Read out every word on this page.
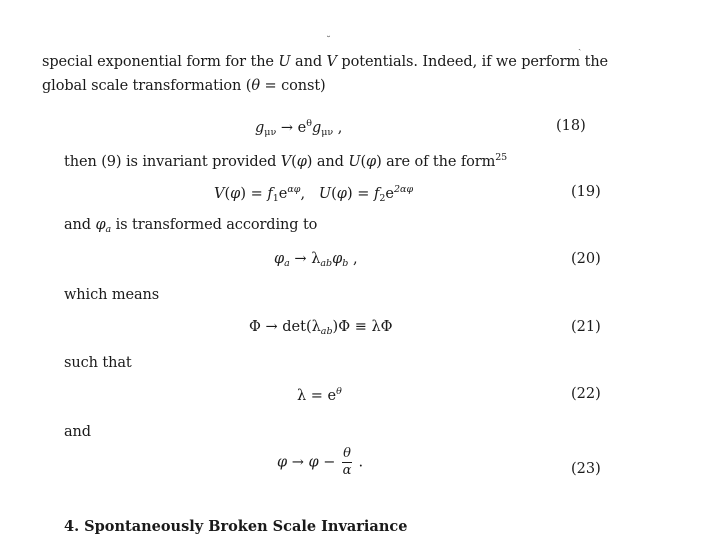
˘	ˏ
special exponential form for the U and V potentials. Indeed, if we perform the
global scale transformation (θ = const)
$g_{\mu\nu} \to e^\theta g_{\mu\nu}$ ,	(18)
then (9) is invariant provided V(φ) and U(φ) are of the form$^{25}$
$V(\varphi) = f_1e^{\alpha\varphi}$,   $U(\varphi) = f_2e^{2\alpha\varphi}$	(19)
and $\varphi_a$ is transformed according to
$\varphi_a \to \lambda_{ab}\varphi_b$ ,	(20)
which means
$\Phi \to \det(\lambda_{ab})\Phi \equiv \lambda\Phi$	(21)
such that
$\lambda = e^\theta$	(22)
and
$\varphi \to \varphi - \frac{\theta}{\alpha}$ .	(23)
4. Spontaneously Broken Scale Invariance
